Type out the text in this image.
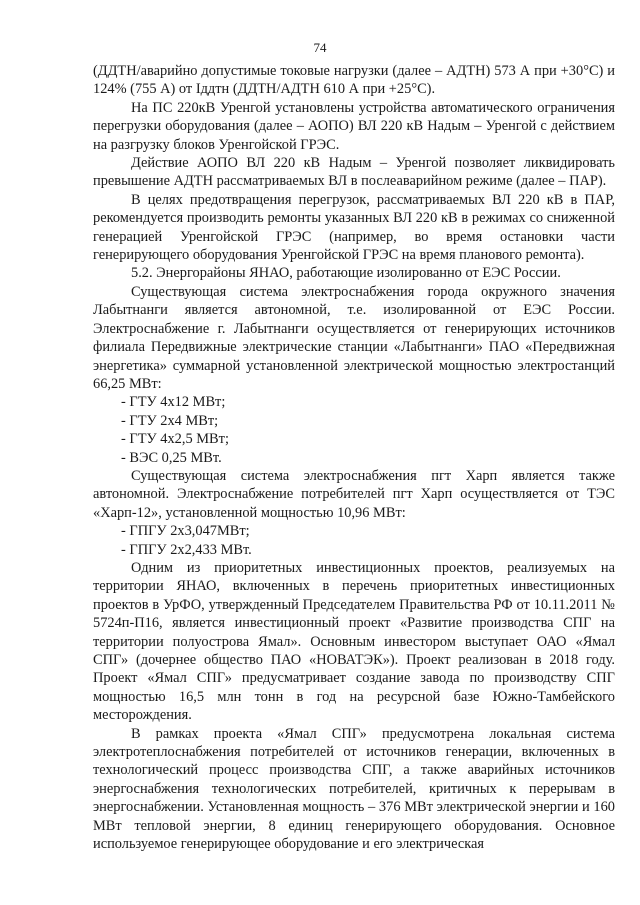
74

(ДДТН/аварийно допустимые токовые нагрузки (далее – АДТН) 573 А при +30°С) и 124% (755 А) от Iддтн (ДДТН/АДТН 610 А при +25°С).

На ПС 220кВ Уренгой установлены устройства автоматического ограничения перегрузки оборудования (далее – АОПО) ВЛ 220 кВ Надым – Уренгой с действием на разгрузку блоков Уренгойской ГРЭС.

Действие АОПО ВЛ 220 кВ Надым – Уренгой позволяет ликвидировать превышение АДТН рассматриваемых ВЛ в послеаварийном режиме (далее – ПАР).

В целях предотвращения перегрузок, рассматриваемых ВЛ 220 кВ в ПАР, рекомендуется производить ремонты указанных ВЛ 220 кВ в режимах со сниженной генерацией Уренгойской ГРЭС (например, во время остановки части генерирующего оборудования Уренгойской ГРЭС на время планового ремонта).

5.2. Энергорайоны ЯНАО, работающие изолированно от ЕЭС России.

Существующая система электроснабжения города окружного значения Лабытнанги является автономной, т.е. изолированной от ЕЭС России. Электроснабжение г. Лабытнанги осуществляется от генерирующих источников филиала Передвижные электрические станции «Лабытнанги» ПАО «Передвижная энергетика» суммарной установленной электрической мощностью электростанций 66,25 МВт:

- ГТУ 4х12 МВт;

- ГТУ 2х4 МВт;

- ГТУ 4х2,5 МВт;

- ВЭС 0,25 МВт.

Существующая система электроснабжения пгт Харп является также автономной. Электроснабжение потребителей пгт Харп осуществляется от ТЭС «Харп-12», установленной мощностью 10,96 МВт:

- ГПГУ 2х3,047МВт;

- ГПГУ 2х2,433 МВт.

Одним из приоритетных инвестиционных проектов, реализуемых на территории ЯНАО, включенных в перечень приоритетных инвестиционных проектов в УрФО, утвержденный Председателем Правительства РФ от 10.11.2011 № 5724п-П16, является инвестиционный проект «Развитие производства СПГ на территории полуострова Ямал». Основным инвестором выступает ОАО «Ямал СПГ» (дочернее общество ПАО «НОВАТЭК»). Проект реализован в 2018 году. Проект «Ямал СПГ» предусматривает создание завода по производству СПГ мощностью 16,5 млн тонн в год на ресурсной базе Южно-Тамбейского месторождения.

В рамках проекта «Ямал СПГ» предусмотрена локальная система электротеплоснабжения потребителей от источников генерации, включенных в технологический процесс производства СПГ, а также аварийных источников энергоснабжения технологических потребителей, критичных к перерывам в энергоснабжении. Установленная мощность – 376 МВт электрической энергии и 160 МВт тепловой энергии, 8 единиц генерирующего оборудования. Основное используемое генерирующее оборудование и его электрическая
